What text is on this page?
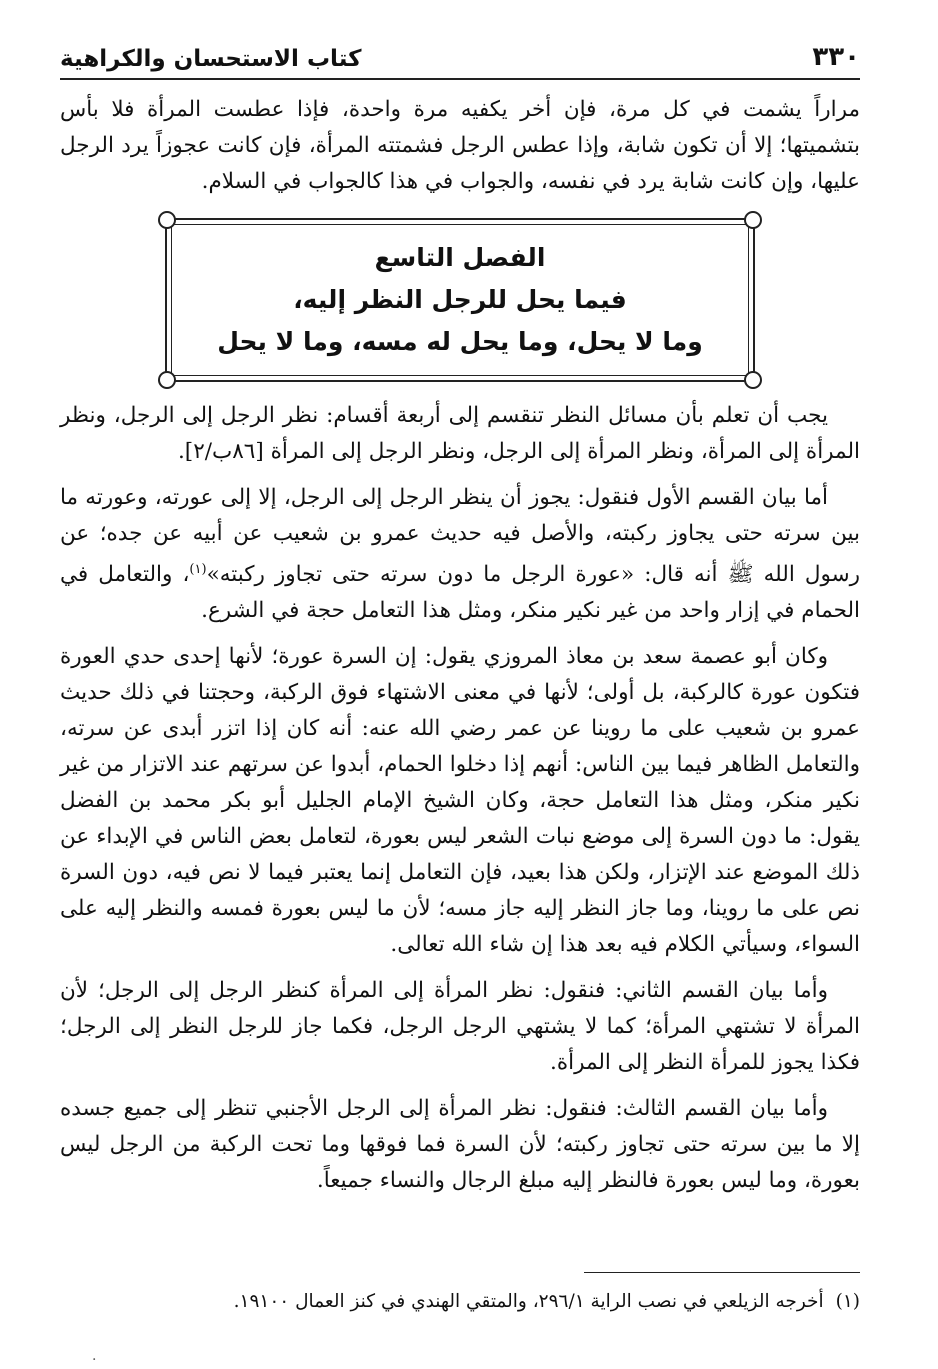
٣٣٠
كتاب الاستحسان والكراهية

مراراً يشمت في كل مرة، فإن أخر يكفيه مرة واحدة، فإذا عطست المرأة فلا بأس بتشميتها؛ إلا أن تكون شابة، وإذا عطس الرجل فشمتته المرأة، فإن كانت عجوزاً يرد الرجل عليها، وإن كانت شابة يرد في نفسه، والجواب في هذا كالجواب في السلام.

الفصل التاسع
فيما يحل للرجل النظر إليه،
وما لا يحل، وما يحل له مسه، وما لا يحل

يجب أن تعلم بأن مسائل النظر تنقسم إلى أربعة أقسام: نظر الرجل إلى الرجل، ونظر المرأة إلى المرأة، ونظر المرأة إلى الرجل، ونظر الرجل إلى المرأة [٨٦ب/٢].

أما بيان القسم الأول فنقول: يجوز أن ينظر الرجل إلى الرجل، إلا إلى عورته، وعورته ما بين سرته حتى يجاوز ركبته، والأصل فيه حديث عمرو بن شعيب عن أبيه عن جده؛ عن رسول الله ﷺ أنه قال: «عورة الرجل ما دون سرته حتى تجاوز ركبته»$^{(١)}$، والتعامل في الحمام في إزار واحد من غير نكير منكر، ومثل هذا التعامل حجة في الشرع.

وكان أبو عصمة سعد بن معاذ المروزي يقول: إن السرة عورة؛ لأنها إحدى حدي العورة فتكون عورة كالركبة، بل أولى؛ لأنها في معنى الاشتهاء فوق الركبة، وحجتنا في ذلك حديث عمرو بن شعيب على ما روينا عن عمر رضي الله عنه: أنه كان إذا اتزر أبدى عن سرته، والتعامل الظاهر فيما بين الناس: أنهم إذا دخلوا الحمام، أبدوا عن سرتهم عند الاتزار من غير نكير منكر، ومثل هذا التعامل حجة، وكان الشيخ الإمام الجليل أبو بكر محمد بن الفضل يقول: ما دون السرة إلى موضع نبات الشعر ليس بعورة، لتعامل بعض الناس في الإبداء عن ذلك الموضع عند الإتزار، ولكن هذا بعيد، فإن التعامل إنما يعتبر فيما لا نص فيه، دون السرة نص على ما روينا، وما جاز النظر إليه جاز مسه؛ لأن ما ليس بعورة فمسه والنظر إليه على السواء، وسيأتي الكلام فيه بعد هذا إن شاء الله تعالى.

وأما بيان القسم الثاني: فنقول: نظر المرأة إلى المرأة كنظر الرجل إلى الرجل؛ لأن المرأة لا تشتهي المرأة؛ كما لا يشتهي الرجل الرجل، فكما جاز للرجل النظر إلى الرجل؛ فكذا يجوز للمرأة النظر إلى المرأة.

وأما بيان القسم الثالث: فنقول: نظر المرأة إلى الرجل الأجنبي تنظر إلى جميع جسده إلا ما بين سرته حتى تجاوز ركبته؛ لأن السرة فما فوقها وما تحت الركبة من الرجل ليس بعورة، وما ليس بعورة فالنظر إليه مبلغ الرجال والنساء جميعاً.

(١)أخرجه الزيلعي في نصب الراية ٢٩٦/١، والمتقي الهندي في كنز العمال ١٩١٠٠.
·
